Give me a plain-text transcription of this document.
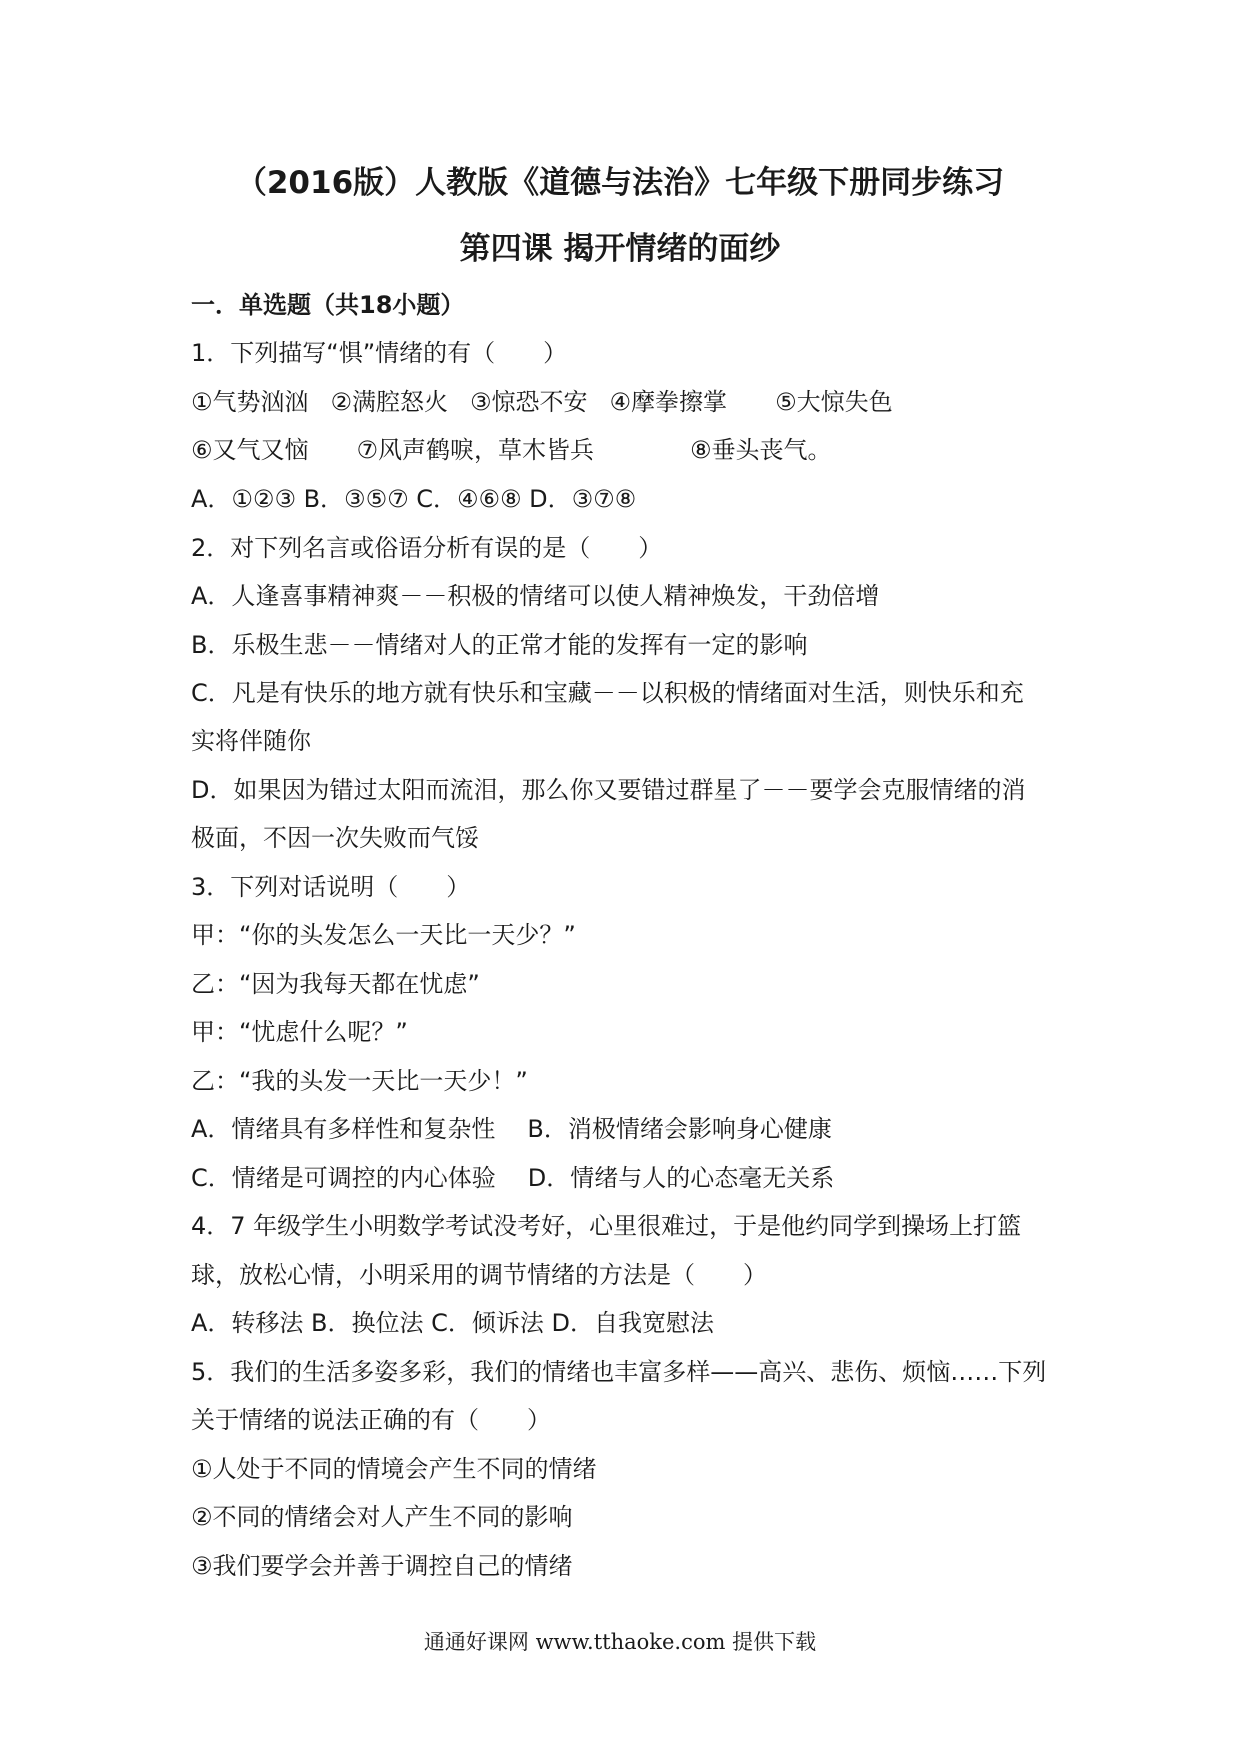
（2016版）人教版《道德与法治》七年级下册同步练习
第四课 揭开情绪的面纱
一．单选题（共18小题）
1．下列描写“惧”情绪的有（　　）
①气势汹汹 ②满腔怒火 ③惊恐不安 ④摩拳擦掌 ⑤大惊失色
⑥又气又恼 ⑦风声鹤唳，草木皆兵	⑧垂头丧气。
A．①②③ B．③⑤⑦ C．④⑥⑧ D．③⑦⑧
2．对下列名言或俗语分析有误的是（　　）
A．人逢喜事精神爽－－积极的情绪可以使人精神焕发，干劲倍增
B．乐极生悲－－情绪对人的正常才能的发挥有一定的影响
C．凡是有快乐的地方就有快乐和宝藏－－以积极的情绪面对生活，则快乐和充
实将伴随你
D．如果因为错过太阳而流泪，那么你又要错过群星了－－要学会克服情绪的消
极面，不因一次失败而气馁
3．下列对话说明（　　）
甲：“你的头发怎么一天比一天少？”
乙：“因为我每天都在忧虑”
甲：“忧虑什么呢？”
乙：“我的头发一天比一天少！”
A．情绪具有多样性和复杂性 B．消极情绪会影响身心健康
C．情绪是可调控的内心体验 D．情绪与人的心态毫无关系
4．7 年级学生小明数学考试没考好，心里很难过，于是他约同学到操场上打篮
球，放松心情，小明采用的调节情绪的方法是（　　）
A．转移法 B．换位法 C．倾诉法 D．自我宽慰法
5．我们的生活多姿多彩，我们的情绪也丰富多样——高兴、悲伤、烦恼……下列
关于情绪的说法正确的有（　　）
①人处于不同的情境会产生不同的情绪
②不同的情绪会对人产生不同的影响
③我们要学会并善于调控自己的情绪
通通好课网 www.tthaoke.com 提供下载
